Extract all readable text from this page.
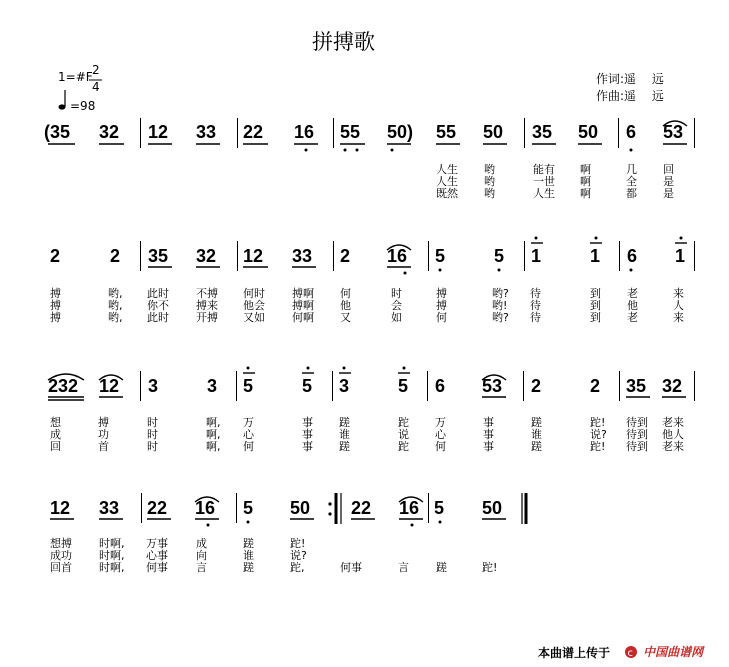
拼搏歌
1=#F 2
4
=98
作词:遥　 远
作曲:遥　 远
(35 32 12 33 22 16 55 50) 55 50 35 50 6 53
人生 哟	能有 啊	几 回
人生 哟	一世 啊	全 是
既然 哟	人生 啊	都 是
2	2 35 32 12 33 2 16 5	5 1	1 6 1
搏	哟, 此时 不搏 何时 搏啊 何	时	搏	哟? 待	到 老	来
搏	哟, 你不 搏来 他会 搏啊 他	会	搏	哟! 待	到 他	人
搏	哟, 此时 开搏 又如 何啊 又	如	何	哟? 待	到 老	来
232 12 3	3 5	5 3	5 6 53 2	2 35 32
想	搏	时	啊, 万	事 蹉	跎 万	事	蹉	跎! 待到 老来
成	功	时	啊, 心	事 谁	说 心	事	谁	说? 待到 他人
回	首	时	啊, 何	事 蹉	跎 何	事	蹉	跎! 待到 老来
12 33 22 16 5 50 22 16 5 50
想搏 时啊, 万事	成	蹉	跎!
成功 时啊, 心事	向	谁	说?
回首 时啊, 何事	言	蹉	跎,	何事	言 蹉	跎!
本曲谱上传于 c 中国曲谱网
